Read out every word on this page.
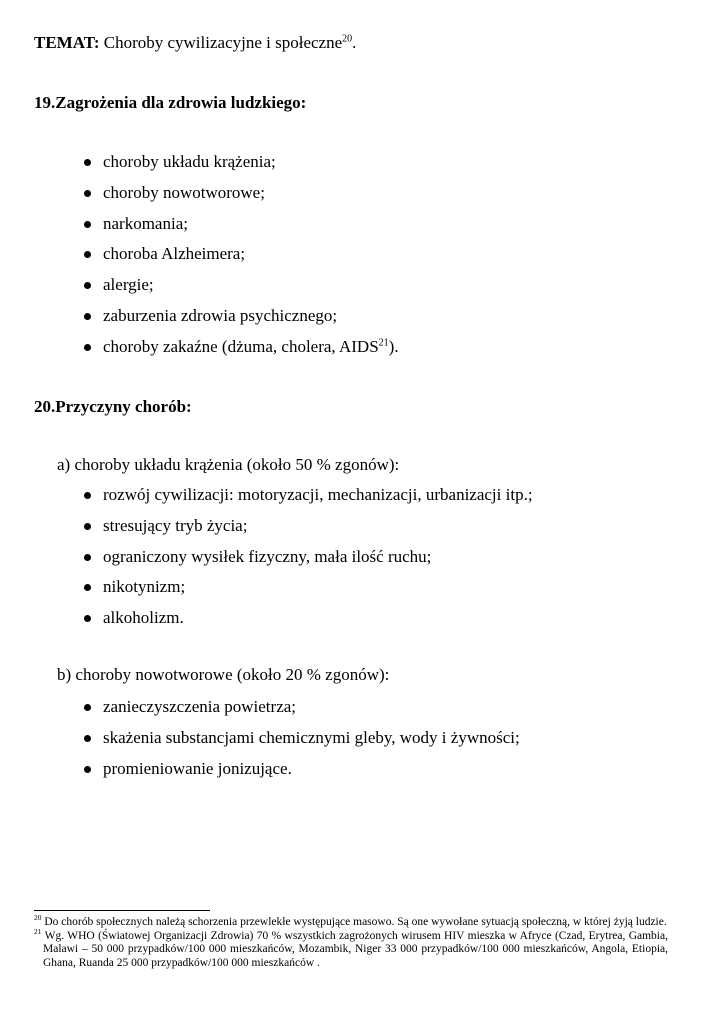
TEMAT: Choroby cywilizacyjne i społeczne$^{20}$.
19.Zagrożenia dla zdrowia ludzkiego:
choroby układu krążenia;
choroby nowotworowe;
narkomania;
choroba Alzheimera;
alergie;
zaburzenia zdrowia psychicznego;
choroby zakaźne (dżuma, cholera, AIDS$^{21}$).
20.Przyczyny chorób:
a) choroby układu krążenia (około 50 % zgonów):
rozwój cywilizacji: motoryzacji, mechanizacji, urbanizacji itp.;
stresujący tryb życia;
ograniczony wysiłek fizyczny, mała ilość ruchu;
nikotynizm;
alkoholizm.
b) choroby nowotworowe (około 20 % zgonów):
zanieczyszczenia powietrza;
skażenia substancjami chemicznymi gleby, wody i żywności;
promieniowanie jonizujące.

$^{20}$ Do chorób społecznych należą schorzenia przewlekłe występujące masowo. Są one wywołane sytuacją społeczną, w której żyją ludzie.

$^{21}$ Wg. WHO (Światowej Organizacji Zdrowia) 70 % wszystkich zagrożonych wirusem HIV mieszka w Afryce (Czad, Erytrea, Gambia, Malawi – 50 000 przypadków/100 000 mieszkańców, Mozambik, Niger 33 000 przypadków/100 000 mieszkańców, Angola, Etiopia, Ghana, Ruanda 25 000 przypadków/100 000 mieszkańców .
